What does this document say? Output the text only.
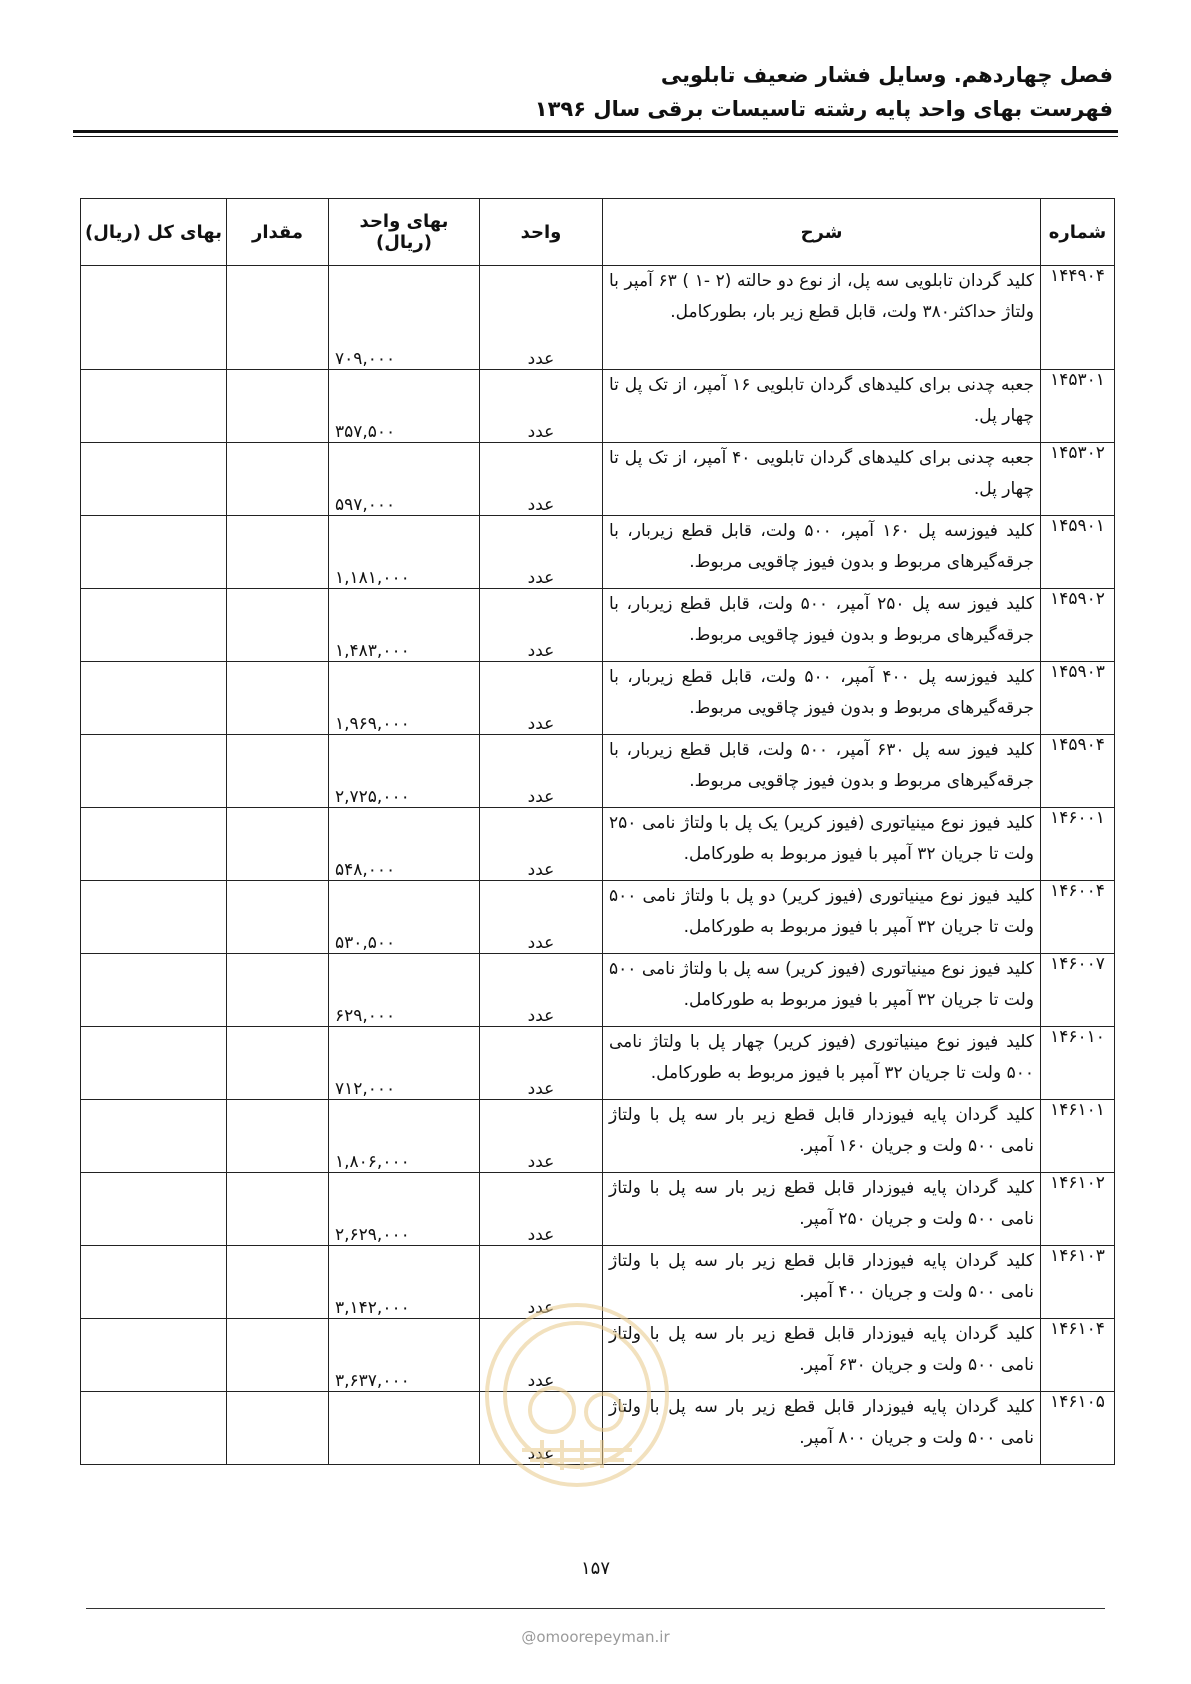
فصل چهاردهم. وسایل فشار ضعیف تابلویی
فهرست بهای واحد پایه رشته تاسیسات برقی سال ۱۳۹۶
شماره	شرح	واحد	بهای واحد (ریال)	مقدار	بهای کل (ریال)
۱۴۴۹۰۴	کلید گردان تابلویی سه پل، از نوع دو حالته (۲ -۱ ) ۶۳ آمپر با ولتاژ حداکثر۳۸۰ ولت، قابل قطع زیر بار، بطورکامل.	عدد	۷۰۹,۰۰۰		
۱۴۵۳۰۱	جعبه چدنی برای کلیدهای گردان تابلویی ۱۶ آمپر، از تک پل تا چهار پل.	عدد	۳۵۷,۵۰۰		
۱۴۵۳۰۲	جعبه چدنی برای کلیدهای گردان تابلویی ۴۰ آمپر، از تک پل تا چهار پل.	عدد	۵۹۷,۰۰۰		
۱۴۵۹۰۱	کلید فیوزسه پل ۱۶۰ آمپر، ۵۰۰ ولت، قابل قطع زیربار، با جرقه‌گیرهای مربوط و بدون فیوز چاقویی مربوط.	عدد	۱,۱۸۱,۰۰۰		
۱۴۵۹۰۲	کلید فیوز سه پل ۲۵۰ آمپر، ۵۰۰ ولت، قابل قطع زیربار، با جرقه‌گیرهای مربوط و بدون فیوز چاقویی مربوط.	عدد	۱,۴۸۳,۰۰۰		
۱۴۵۹۰۳	کلید فیوزسه پل ۴۰۰ آمپر، ۵۰۰ ولت، قابل قطع زیربار، با جرقه‌گیرهای مربوط و بدون فیوز چاقویی مربوط.	عدد	۱,۹۶۹,۰۰۰		
۱۴۵۹۰۴	کلید فیوز سه پل ۶۳۰ آمپر، ۵۰۰ ولت، قابل قطع زیربار، با جرقه‌گیرهای مربوط و بدون فیوز چاقویی مربوط.	عدد	۲,۷۲۵,۰۰۰		
۱۴۶۰۰۱	کلید فیوز نوع مینیاتوری (فیوز کریر) یک پل با ولتاژ نامی ۲۵۰ ولت تا جریان ۳۲ آمپر با فیوز مربوط به طورکامل.	عدد	۵۴۸,۰۰۰		
۱۴۶۰۰۴	کلید فیوز نوع مینیاتوری (فیوز کریر) دو پل با ولتاژ نامی ۵۰۰ ولت تا جریان ۳۲ آمپر با فیوز مربوط به طورکامل.	عدد	۵۳۰,۵۰۰		
۱۴۶۰۰۷	کلید فیوز نوع مینیاتوری (فیوز کریر) سه پل با ولتاژ نامی ۵۰۰ ولت تا جریان ۳۲ آمپر با فیوز مربوط به طورکامل.	عدد	۶۲۹,۰۰۰		
۱۴۶۰۱۰	کلید فیوز نوع مینیاتوری (فیوز کریر) چهار پل با ولتاژ نامی ۵۰۰ ولت تا جریان ۳۲ آمپر با فیوز مربوط به طورکامل.	عدد	۷۱۲,۰۰۰		
۱۴۶۱۰۱	کلید گردان پایه فیوزدار قابل قطع زیر بار سه پل با ولتاژ نامی ۵۰۰ ولت و جریان ۱۶۰ آمپر.	عدد	۱,۸۰۶,۰۰۰		
۱۴۶۱۰۲	کلید گردان پایه فیوزدار قابل قطع زیر بار سه پل با ولتاژ نامی ۵۰۰ ولت و جریان ۲۵۰ آمپر.	عدد	۲,۶۲۹,۰۰۰		
۱۴۶۱۰۳	کلید گردان پایه فیوزدار قابل قطع زیر بار سه پل با ولتاژ نامی ۵۰۰ ولت و جریان ۴۰۰ آمپر.	عدد	۳,۱۴۲,۰۰۰		
۱۴۶۱۰۴	کلید گردان پایه فیوزدار قابل قطع زیر بار سه پل با ولتاژ نامی ۵۰۰ ولت و جریان ۶۳۰ آمپر.	عدد	۳,۶۳۷,۰۰۰		
۱۴۶۱۰۵	کلید گردان پایه فیوزدار قابل قطع زیر بار سه پل با ولتاژ نامی ۵۰۰ ولت و جریان ۸۰۰ آمپر.	عدد			
۱۵۷
@omoorepeyman.ir
